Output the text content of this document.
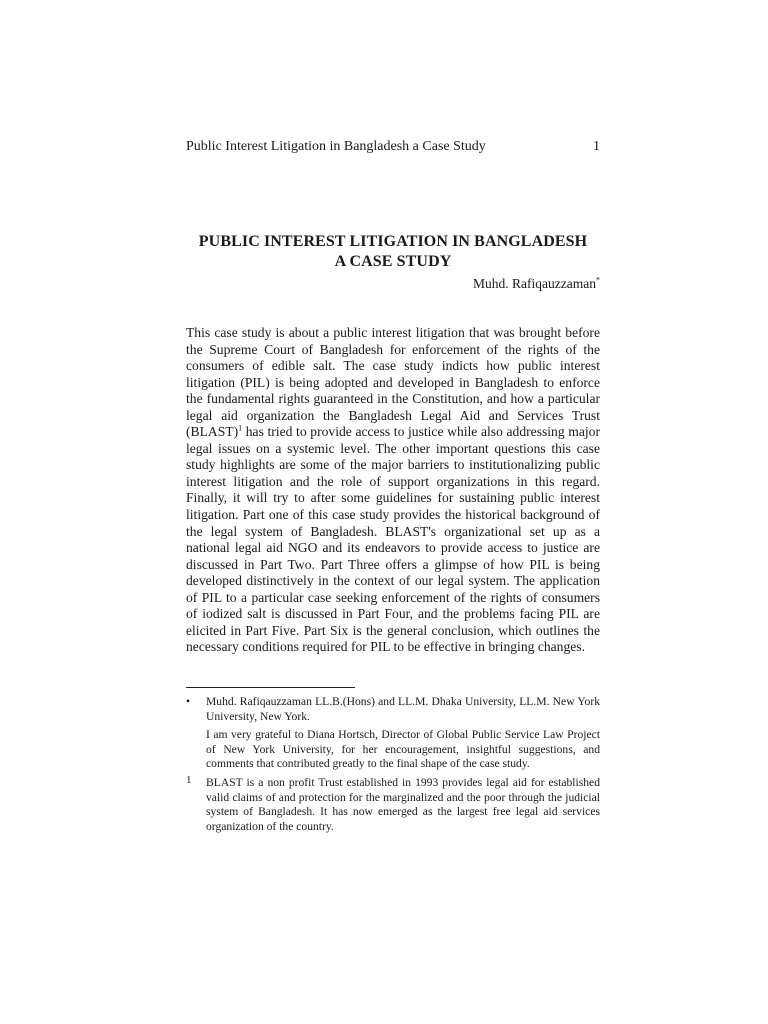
Public Interest Litigation in Bangladesh a Case Study	1
PUBLIC INTEREST LITIGATION IN BANGLADESH
A CASE STUDY
Muhd. Rafiqauzzaman*

This case study is about a public interest litigation that was brought before the Supreme Court of Bangladesh for enforcement of the rights of the consumers of edible salt. The case study indicts how public interest litigation (PIL) is being adopted and developed in Bangladesh to enforce the fundamental rights guaranteed in the Constitution, and how a particular legal aid organization the Bangladesh Legal Aid and Services Trust (BLAST)$^1$ has tried to provide access to justice while also addressing major legal issues on a systemic level. The other important questions this case study highlights are some of the major barriers to institutionalizing public interest litigation and the role of support organizations in this regard. Finally, it will try to after some guidelines for sustaining public interest litigation. Part one of this case study provides the historical background of the legal system of Bangladesh. BLAST's organizational set up as a national legal aid NGO and its endeavors to provide access to justice are discussed in Part Two. Part Three offers a glimpse of how PIL is being developed distinctively in the context of our legal system. The application of PIL to a particular case seeking enforcement of the rights of consumers of iodized salt is discussed in Part Four, and the problems facing PIL are elicited in Part Five. Part Six is the general conclusion, which outlines the necessary conditions required for PIL to be effective in bringing changes.

•	Muhd. Rafiqauzzaman LL.B.(Hons) and LL.M. Dhaka University, LL.M. New York University, New York.
I am very grateful to Diana Hortsch, Director of Global Public Service Law Project of New York University, for her encouragement, insightful suggestions, and comments that contributed greatly to the final shape of the case study.
1	BLAST is a non profit Trust established in 1993 provides legal aid for established valid claims of and protection for the marginalized and the poor through the judicial system of Bangladesh. It has now emerged as the largest free legal aid services organization of the country.
